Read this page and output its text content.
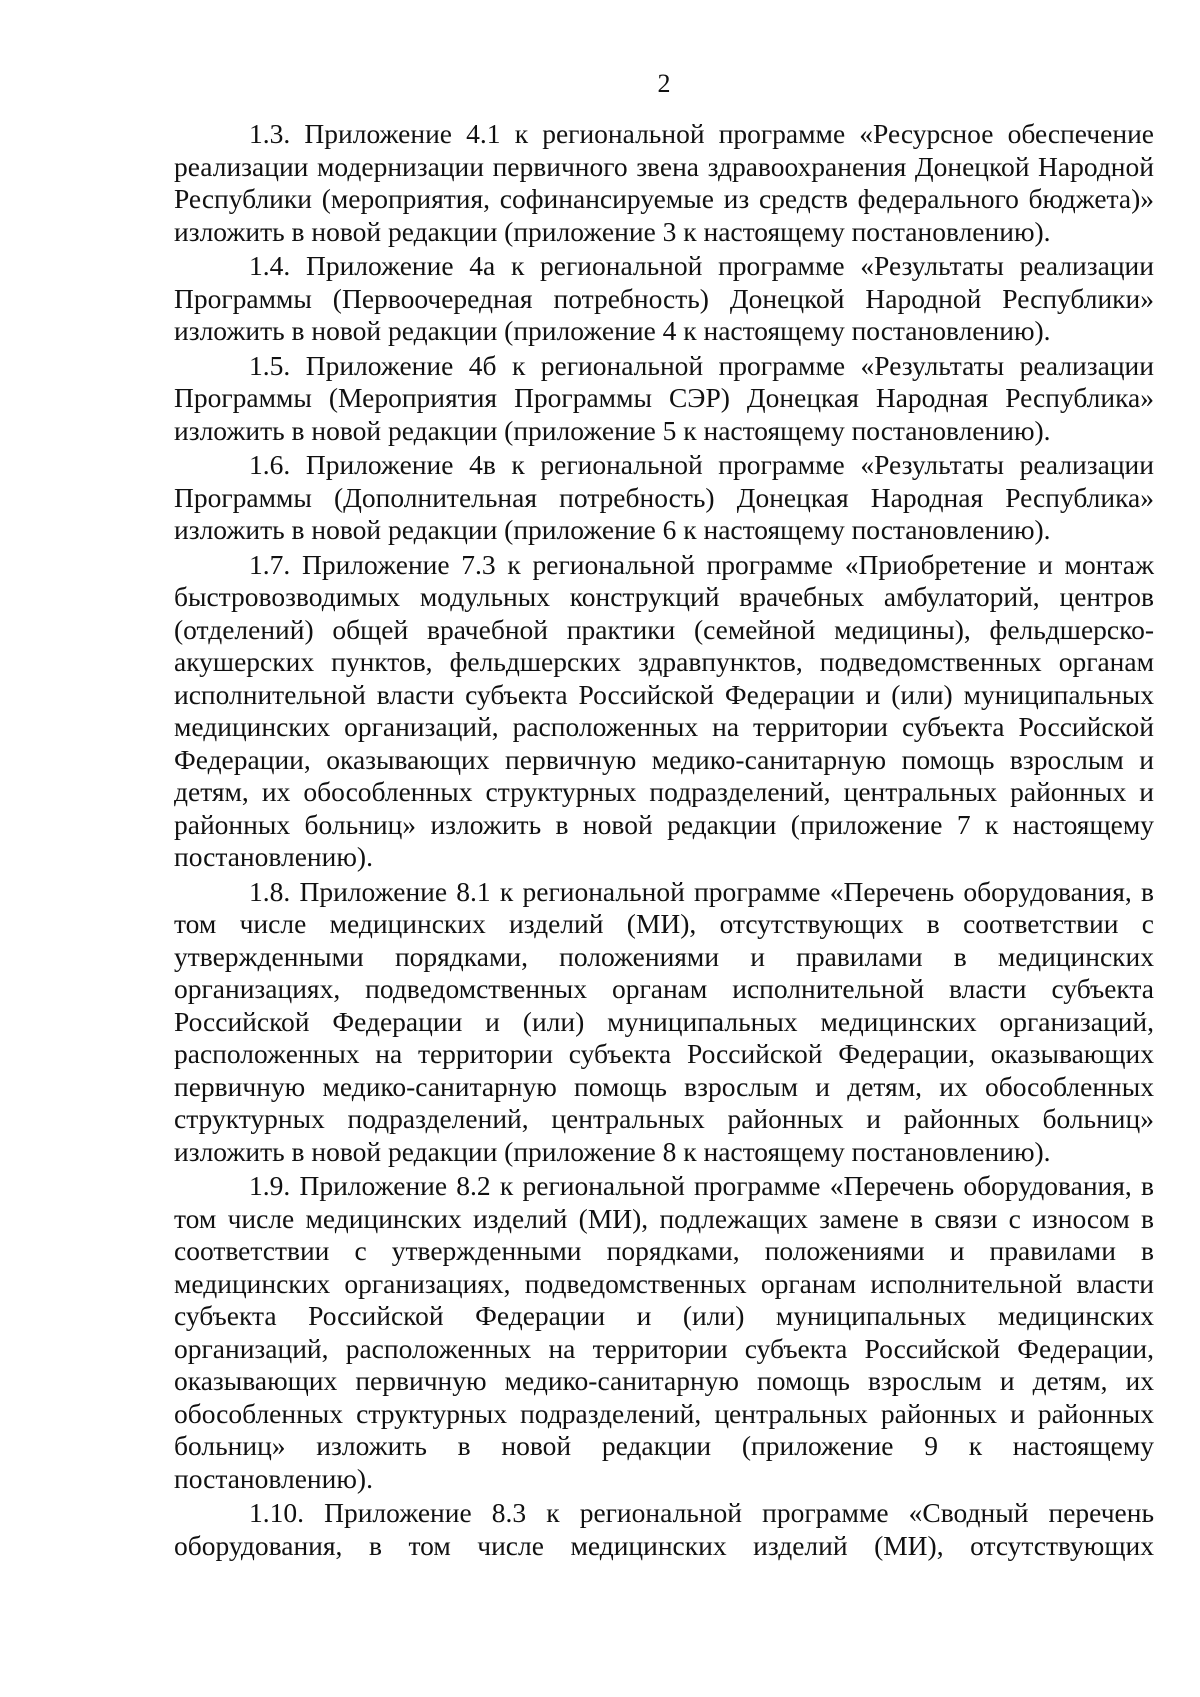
2

1.3. Приложение 4.1 к региональной программе «Ресурсное обеспечение реализации модернизации первичного звена здравоохранения Донецкой Народной Республики (мероприятия, софинансируемые из средств федерального бюджета)» изложить в новой редакции (приложение 3 к настоящему постановлению).

1.4. Приложение 4а к региональной программе «Результаты реализации Программы (Первоочередная потребность) Донецкой Народной Республики» изложить в новой редакции (приложение 4 к настоящему постановлению).

1.5. Приложение 4б к региональной программе «Результаты реализации Программы (Мероприятия Программы СЭР) Донецкая Народная Республика» изложить в новой редакции (приложение 5 к настоящему постановлению).

1.6. Приложение 4в к региональной программе «Результаты реализации Программы (Дополнительная потребность) Донецкая Народная Республика» изложить в новой редакции (приложение 6 к настоящему постановлению).

1.7. Приложение 7.3 к региональной программе «Приобретение и монтаж быстровозводимых модульных конструкций врачебных амбулаторий, центров (отделений) общей врачебной практики (семейной медицины), фельдшерско-акушерских пунктов, фельдшерских здравпунктов, подведомственных органам исполнительной власти субъекта Российской Федерации и (или) муниципальных медицинских организаций, расположенных на территории субъекта Российской Федерации, оказывающих первичную медико-санитарную помощь взрослым и детям, их обособленных структурных подразделений, центральных районных и районных больниц» изложить в новой редакции (приложение 7 к настоящему постановлению).

1.8. Приложение 8.1 к региональной программе «Перечень оборудования, в том числе медицинских изделий (МИ), отсутствующих в соответствии с утвержденными порядками, положениями и правилами в медицинских организациях, подведомственных органам исполнительной власти субъекта Российской Федерации и (или) муниципальных медицинских организаций, расположенных на территории субъекта Российской Федерации, оказывающих первичную медико-санитарную помощь взрослым и детям, их обособленных структурных подразделений, центральных районных и районных больниц» изложить в новой редакции (приложение 8 к настоящему постановлению).

1.9. Приложение 8.2 к региональной программе «Перечень оборудования, в том числе медицинских изделий (МИ), подлежащих замене в связи с износом в соответствии с утвержденными порядками, положениями и правилами в медицинских организациях, подведомственных органам исполнительной власти субъекта Российской Федерации и (или) муниципальных медицинских организаций, расположенных на территории субъекта Российской Федерации, оказывающих первичную медико-санитарную помощь взрослым и детям, их обособленных структурных подразделений, центральных районных и районных больниц» изложить в новой редакции (приложение 9 к настоящему постановлению).

1.10. Приложение 8.3 к региональной программе «Сводный перечень оборудования, в том числе медицинских изделий (МИ), отсутствующих
